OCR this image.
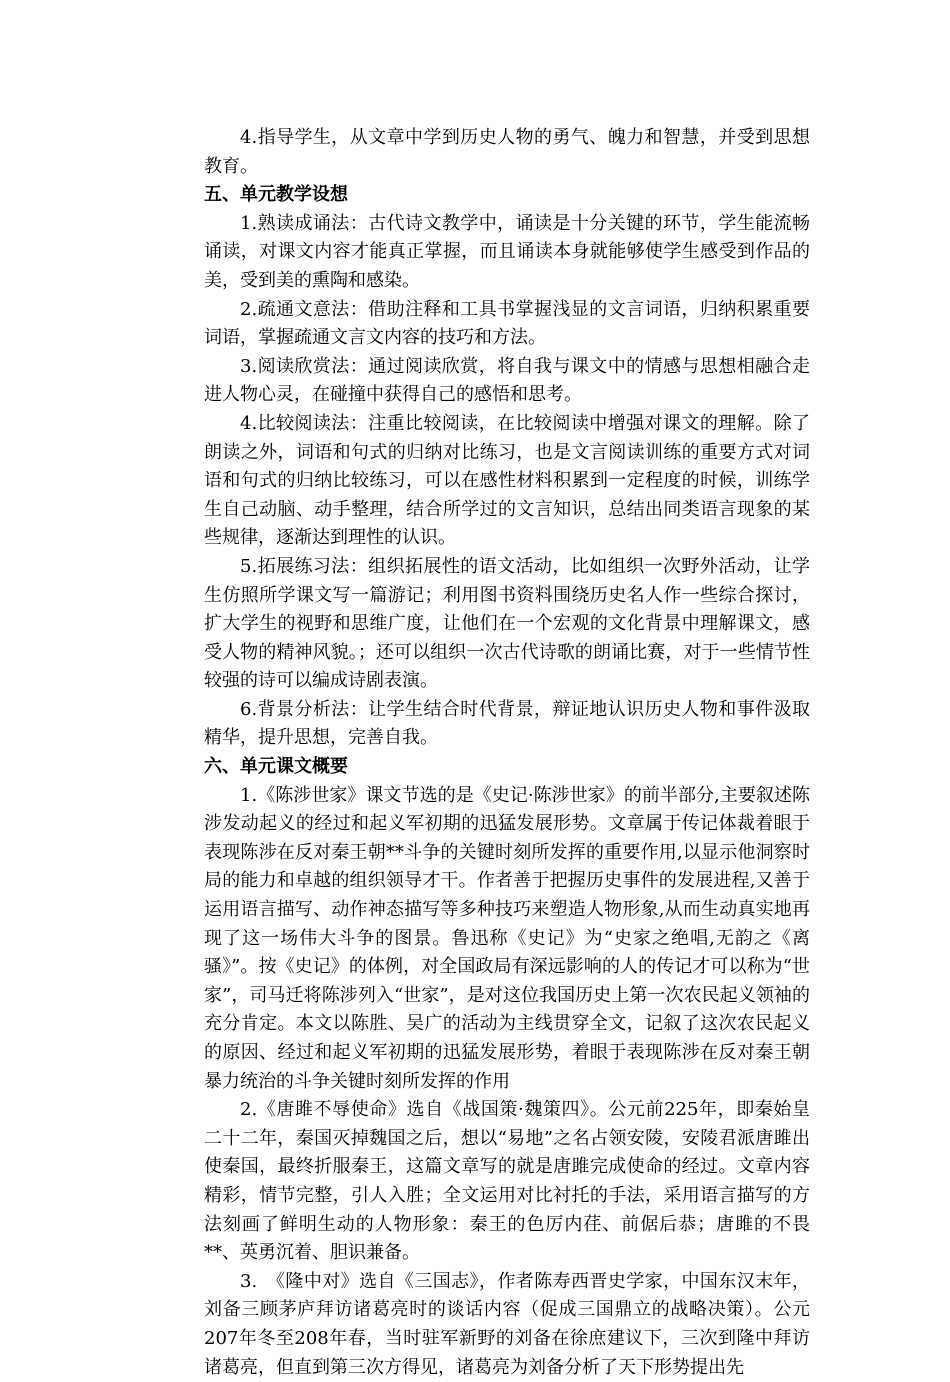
4.指导学生，从文章中学到历史人物的勇气、魄力和智慧，并受到思想教育。

五、单元教学设想

1.熟读成诵法：古代诗文教学中，诵读是十分关键的环节，学生能流畅诵读，对课文内容才能真正掌握，而且诵读本身就能够使学生感受到作品的美，受到美的熏陶和感染。

2.疏通文意法：借助注释和工具书掌握浅显的文言词语，归纳积累重要词语，掌握疏通文言文内容的技巧和方法。

3.阅读欣赏法：通过阅读欣赏，将自我与课文中的情感与思想相融合走进人物心灵，在碰撞中获得自己的感悟和思考。

4.比较阅读法：注重比较阅读，在比较阅读中增强对课文的理解。除了朗读之外，词语和句式的归纳对比练习，也是文言阅读训练的重要方式对词语和句式的归纳比较练习，可以在感性材料积累到一定程度的时候，训练学生自己动脑、动手整理，结合所学过的文言知识，总结出同类语言现象的某些规律，逐渐达到理性的认识。

5.拓展练习法：组织拓展性的语文活动，比如组织一次野外活动，让学生仿照所学课文写一篇游记；利用图书资料围绕历史名人作一些综合探讨，扩大学生的视野和思维广度，让他们在一个宏观的文化背景中理解课文，感受人物的精神风貌。；还可以组织一次古代诗歌的朗诵比赛，对于一些情节性较强的诗可以编成诗剧表演。

6.背景分析法：让学生结合时代背景，辩证地认识历史人物和事件汲取精华，提升思想，完善自我。

六、单元课文概要

1.《陈涉世家》课文节选的是《史记·陈涉世家》的前半部分,主要叙述陈涉发动起义的经过和起义军初期的迅猛发展形势。文章属于传记体裁着眼于表现陈涉在反对秦王朝**斗争的关键时刻所发挥的重要作用,以显示他洞察时局的能力和卓越的组织领导才干。作者善于把握历史事件的发展进程,又善于运用语言描写、动作神态描写等多种技巧来塑造人物形象,从而生动真实地再现了这一场伟大斗争的图景。鲁迅称《史记》为“史家之绝唱,无韵之《离骚》”。按《史记》的体例，对全国政局有深远影响的人的传记才可以称为“世家”，司马迁将陈涉列入“世家”，是对这位我国历史上第一次农民起义领袖的充分肯定。本文以陈胜、吴广的活动为主线贯穿全文，记叙了这次农民起义的原因、经过和起义军初期的迅猛发展形势，着眼于表现陈涉在反对秦王朝暴力统治的斗争关键时刻所发挥的作用

2.《唐雎不辱使命》选自《战国策·魏策四》。公元前225年，即秦始皇二十二年，秦国灭掉魏国之后，想以“易地”之名占领安陵，安陵君派唐雎出使秦国，最终折服秦王，这篇文章写的就是唐雎完成使命的经过。文章内容精彩，情节完整，引人入胜；全文运用对比衬托的手法，采用语言描写的方法刻画了鲜明生动的人物形象：秦王的色厉内荏、前倨后恭；唐雎的不畏**、英勇沉着、胆识兼备。

3.　《隆中对》选自《三国志》，作者陈寿西晋史学家，中国东汉末年，刘备三顾茅庐拜访诸葛亮时的谈话内容（促成三国鼎立的战略决策）。公元207年冬至208年春，当时驻军新野的刘备在徐庶建议下，三次到隆中拜访诸葛亮，但直到第三次方得见，诸葛亮为刘备分析了天下形势提出先
